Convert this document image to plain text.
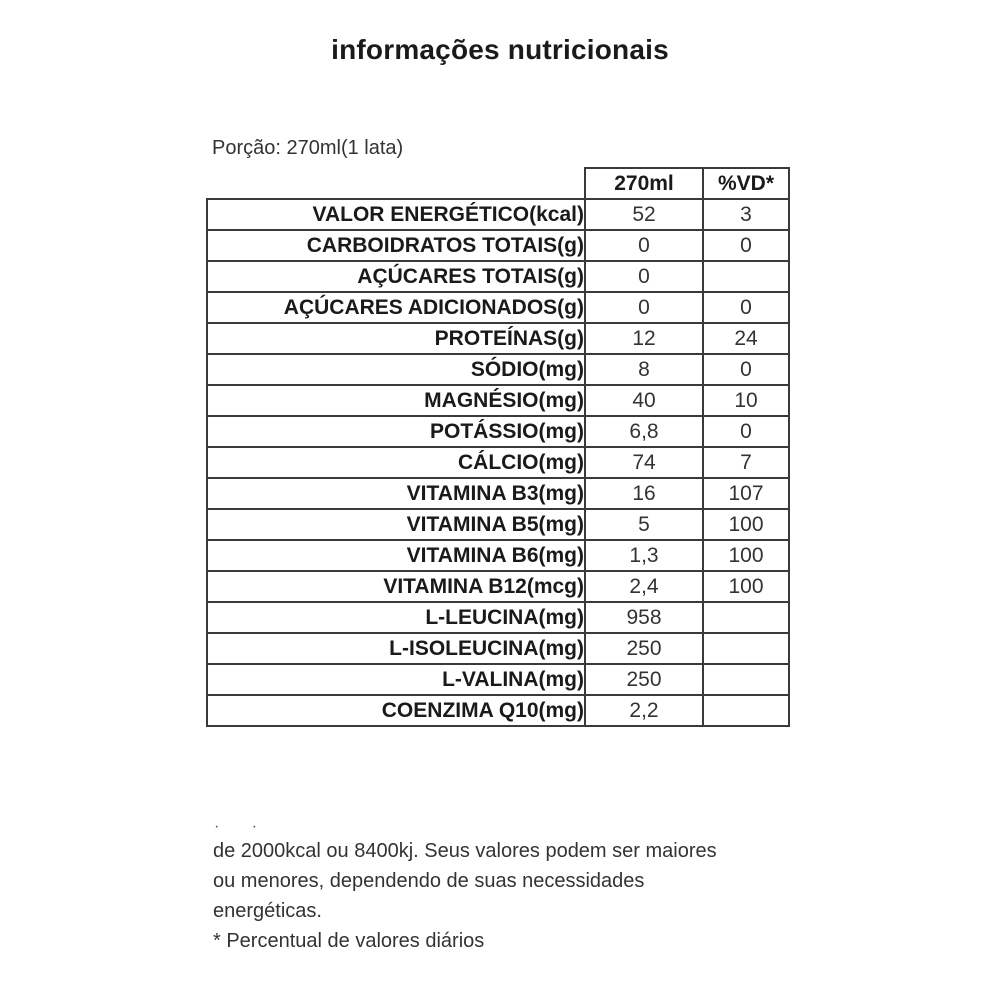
informações nutricionais
Porção: 270ml(1 lata)
	270ml	%VD*
VALOR ENERGÉTICO(kcal)	52	3
CARBOIDRATOS TOTAIS(g)	0	0
AÇÚCARES TOTAIS(g)	0	
AÇÚCARES ADICIONADOS(g)	0	0
PROTEÍNAS(g)	12	24
SÓDIO(mg)	8	0
MAGNÉSIO(mg)	40	10
POTÁSSIO(mg)	6,8	0
CÁLCIO(mg)	74	7
VITAMINA B3(mg)	16	107
VITAMINA B5(mg)	5	100
VITAMINA B6(mg)	1,3	100
VITAMINA B12(mcg)	2,4	100
L-LEUCINA(mg)	958	
L-ISOLEUCINA(mg)	250	
L-VALINA(mg)	250	
COENZIMA Q10(mg)	2,2	
· ·

de 2000kcal ou 8400kj. Seus valores podem ser maiores

ou menores, dependendo de suas necessidades

energéticas.

* Percentual de valores diários
